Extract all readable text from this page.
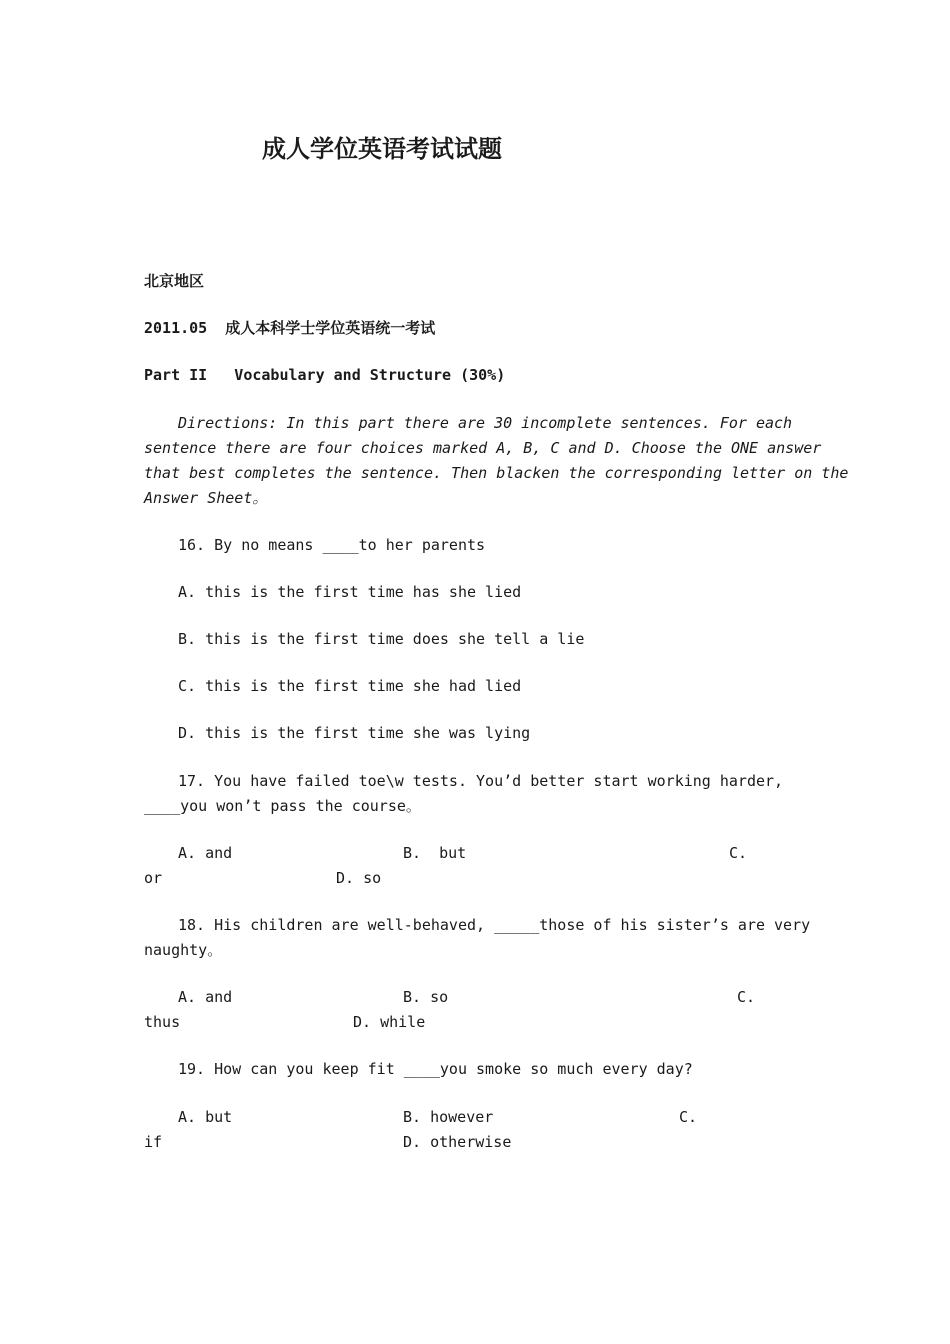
成人学位英语考试试题
北京地区
2011.05  成人本科学士学位英语统一考试
Part II   Vocabulary and Structure (30%)
Directions: In this part there are 30 incomplete sentences. For each
sentence there are four choices marked A, B, C and D. Choose the ONE answer
that best completes the sentence. Then blacken the corresponding letter on the
Answer Sheet。
16. By no means ____to her parents
A. this is the first time has she lied
B. this is the first time does she tell a lie
C. this is the first time she had lied
D. this is the first time she was lying
17. You have failed toe\w tests. You’d better start working harder,
____you won’t pass the course。
A. and	B.  but	C.
or	D. so
18. His children are well-behaved, _____those of his sister’s are very
naughty。
A. and	B. so	C.
thus	D. while
19. How can you keep fit ____you smoke so much every day?
A. but	B. however	C.
if	D. otherwise
